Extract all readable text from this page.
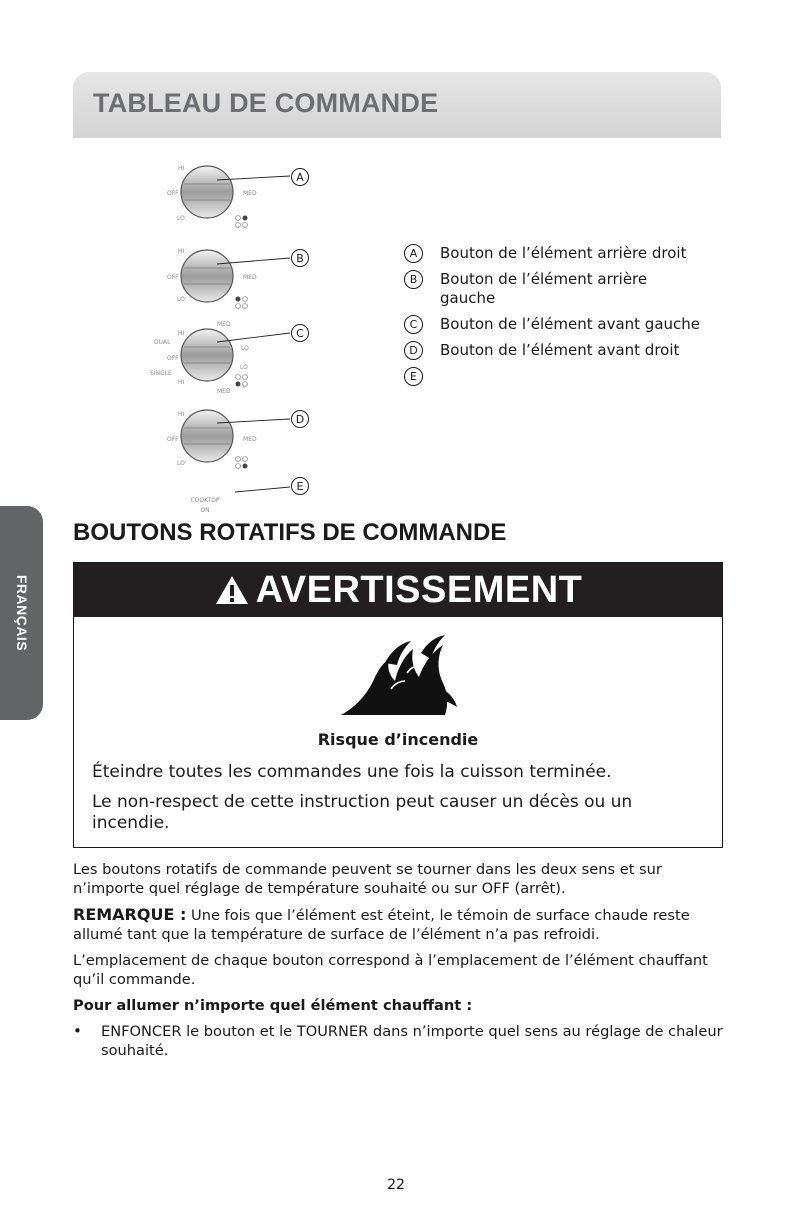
TABLEAU DE COMMANDE
FRANÇAIS
A
HI
OFF	MED
LO
B
HI
OFF	MED
LO
C
MED
HI
DUAL
OFF
LO
SINGLE
LO
HI
MED
D
HI
OFF	MED
LO
E
COOKTOP
ON
A	Bouton de l’élément arrière droit
B	Bouton de l’élément arrière gauche
C	Bouton de l’élément avant gauche
D	Bouton de l’élément avant droit
E
BOUTONS ROTATIFS DE COMMANDE
AVERTISSEMENT
Risque d’incendie
Éteindre toutes les commandes une fois la cuisson terminée.
Le non-respect de cette instruction peut causer un décès ou un incendie.

Les boutons rotatifs de commande peuvent se tourner dans les deux sens et sur n’importe quel réglage de température souhaité ou sur OFF (arrêt).

REMARQUE : Une fois que l’élément est éteint, le témoin de surface chaude reste allumé tant que la température de surface de l’élément n’a pas refroidi.

L’emplacement de chaque bouton correspond à l’emplacement de l’élément chauffant qu’il commande.

Pour allumer n’importe quel élément chauffant :

•	ENFONCER le bouton et le TOURNER dans n’importe quel sens au réglage de chaleur souhaité.
22
